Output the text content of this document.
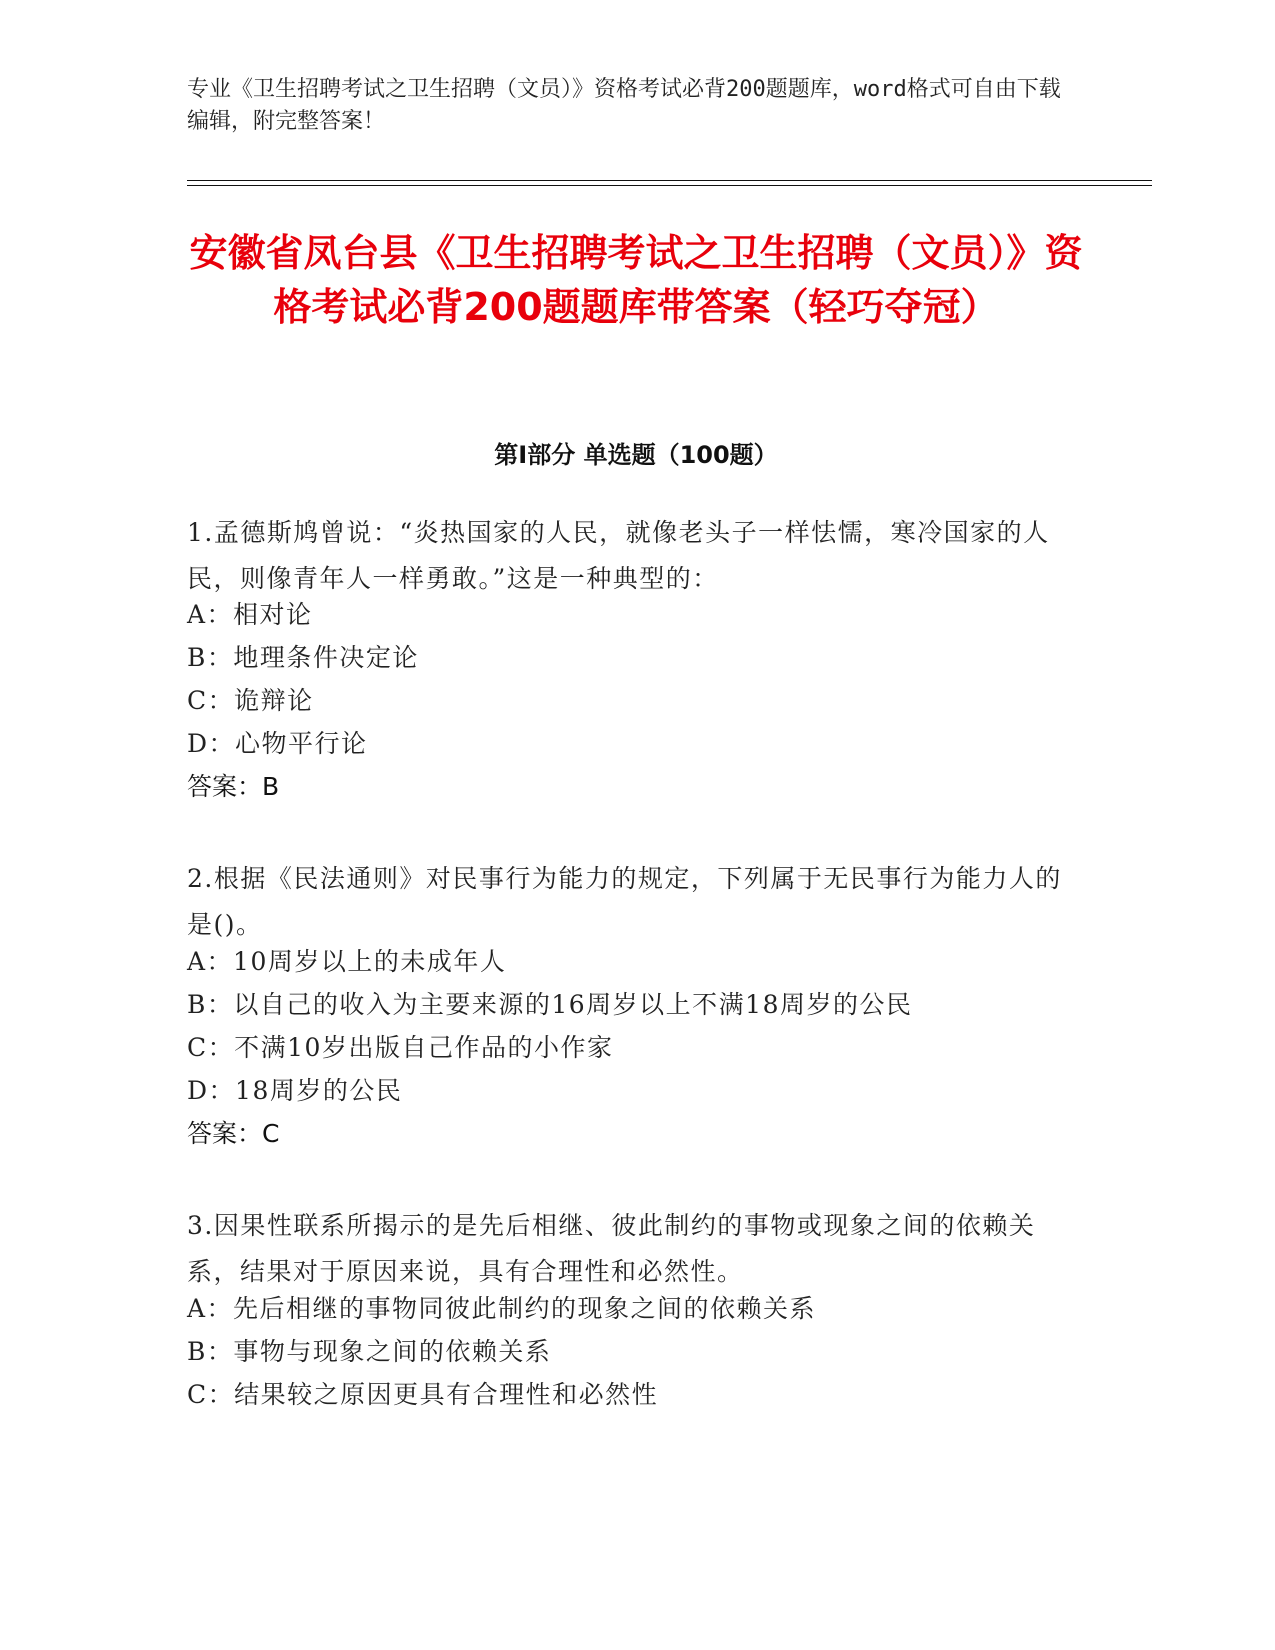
专业《卫生招聘考试之卫生招聘（文员）》资格考试必背200题题库，word格式可自由下载编辑，附完整答案！
安徽省凤台县《卫生招聘考试之卫生招聘（文员）》资格考试必背200题题库带答案（轻巧夺冠）
第Ⅰ部分 单选题（100题）
1.孟德斯鸠曾说：“炎热国家的人民，就像老头子一样怯懦，寒冷国家的人民，则像青年人一样勇敢。”这是一种典型的：
A：相对论
B：地理条件决定论
C：诡辩论
D：心物平行论
答案：B
2.根据《民法通则》对民事行为能力的规定，下列属于无民事行为能力人的是()。
A：10周岁以上的未成年人
B：以自己的收入为主要来源的16周岁以上不满18周岁的公民
C：不满10岁出版自己作品的小作家
D：18周岁的公民
答案：C
3.因果性联系所揭示的是先后相继、彼此制约的事物或现象之间的依赖关系，结果对于原因来说，具有合理性和必然性。
A：先后相继的事物同彼此制约的现象之间的依赖关系
B：事物与现象之间的依赖关系
C：结果较之原因更具有合理性和必然性
